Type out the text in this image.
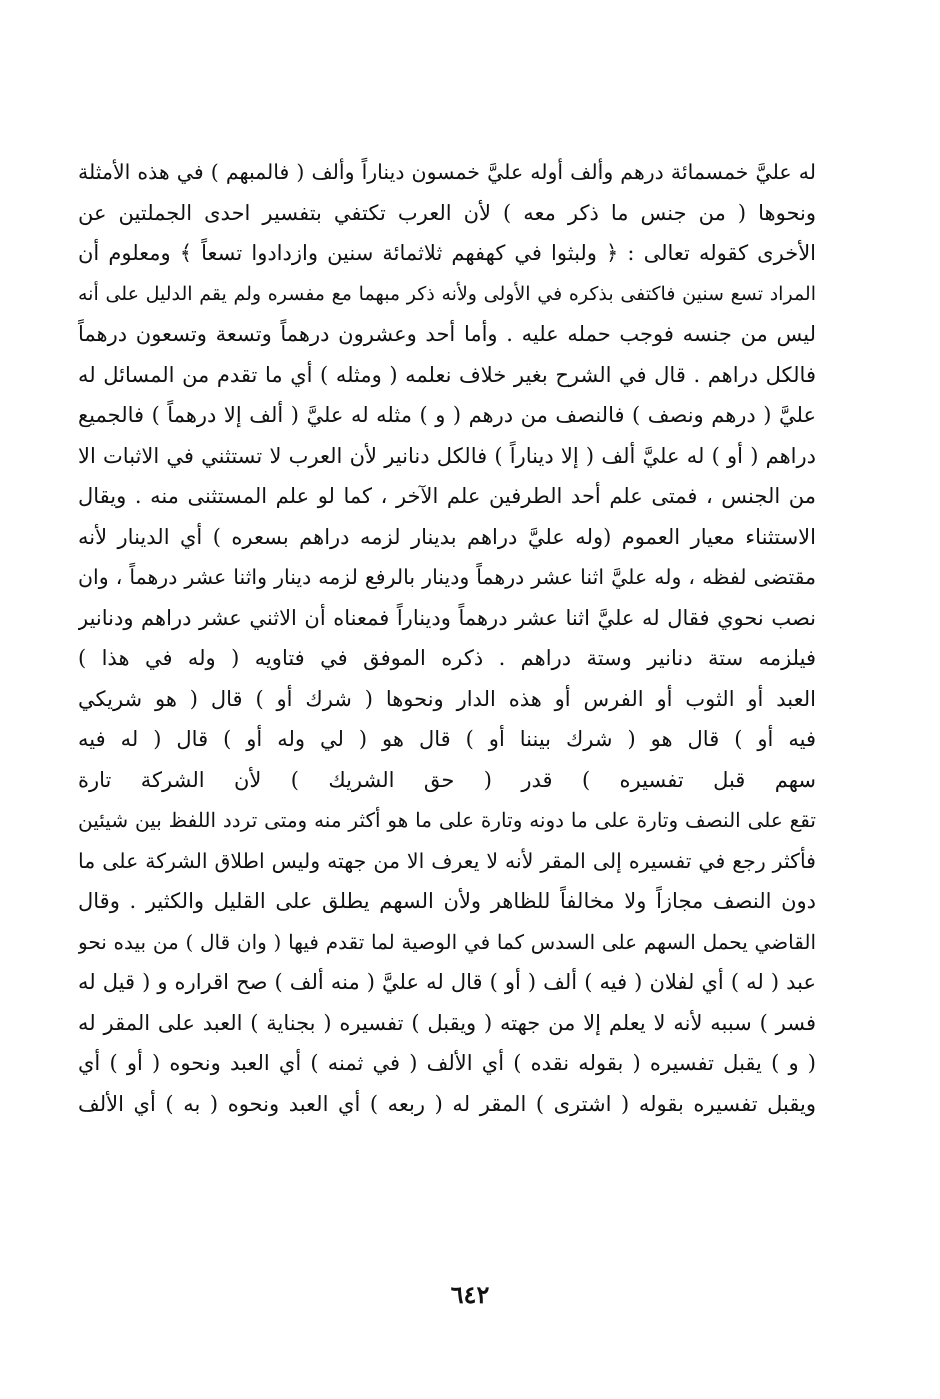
له عليَّ خمسمائة درهم وألف أوله عليَّ خمسون ديناراً وألف ( فالمبهم ) في هذه الأمثلة
ونحوها ( من جنس ما ذكر معه ) لأن العرب تكتفي بتفسير احدى الجملتين عن
الأخرى كقوله تعالى : ﴿ ولبثوا في كهفهم ثلاثمائة سنين وازدادوا تسعاً ﴾ ومعلوم أن
المراد تسع سنين فاكتفى بذكره في الأولى ولأنه ذكر مبهما مع مفسره ولم يقم الدليل على أنه
ليس من جنسه فوجب حمله عليه . وأما أحد وعشرون درهماً وتسعة وتسعون درهماً
فالكل دراهم . قال في الشرح بغير خلاف نعلمه ( ومثله ) أي ما تقدم من المسائل له
عليَّ ( درهم ونصف ) فالنصف من درهم ( و ) مثله له عليَّ ( ألف إلا درهماً ) فالجميع
دراهم ( أو ) له عليَّ ألف ( إلا ديناراً ) فالكل دنانير لأن العرب لا تستثني في الاثبات الا
من الجنس ، فمتى علم أحد الطرفين علم الآخر ، كما لو علم المستثنى منه . ويقال
الاستثناء معيار العموم (وله عليَّ دراهم بدينار لزمه دراهم بسعره ) أي الدينار لأنه
مقتضى لفظه ، وله عليَّ اثنا عشر درهماً ودينار بالرفع لزمه دينار واثنا عشر درهماً ، وان
نصب نحوي فقال له عليَّ اثنا عشر درهماً وديناراً فمعناه أن الاثني عشر دراهم ودنانير
فيلزمه ستة دنانير وستة دراهم . ذكره الموفق في فتاويه ( وله في هذا )
العبد أو الثوب أو الفرس أو هذه الدار ونحوها ( شرك أو ) قال ( هو شريكي
فيه أو ) قال هو ( شرك بيننا أو ) قال هو ( لي وله أو ) قال ( له فيه
سهم قبل تفسيره ) قدر ( حق الشريك ) لأن الشركة تارة
تقع على النصف وتارة على ما دونه وتارة على ما هو أكثر منه ومتى تردد اللفظ بين شيئين
فأكثر رجع في تفسيره إلى المقر لأنه لا يعرف الا من جهته وليس اطلاق الشركة على ما
دون النصف مجازاً ولا مخالفاً للظاهر ولأن السهم يطلق على القليل والكثير . وقال
القاضي يحمل السهم على السدس كما في الوصية لما تقدم فيها ( وان قال ) من بيده نحو
عبد ( له ) أي لفلان ( فيه ) ألف ( أو ) قال له عليَّ ( منه ألف ) صح اقراره و ( قيل له
فسر ) سببه لأنه لا يعلم إلا من جهته ( ويقبل ) تفسيره ( بجناية ) العبد على المقر له
( و ) يقبل تفسيره ( بقوله نقده ) أي الألف ( في ثمنه ) أي العبد ونحوه ( أو ) أي
ويقبل تفسيره بقوله ( اشترى ) المقر له ( ربعه ) أي العبد ونحوه ( به ) أي الألف
٦٤٢
